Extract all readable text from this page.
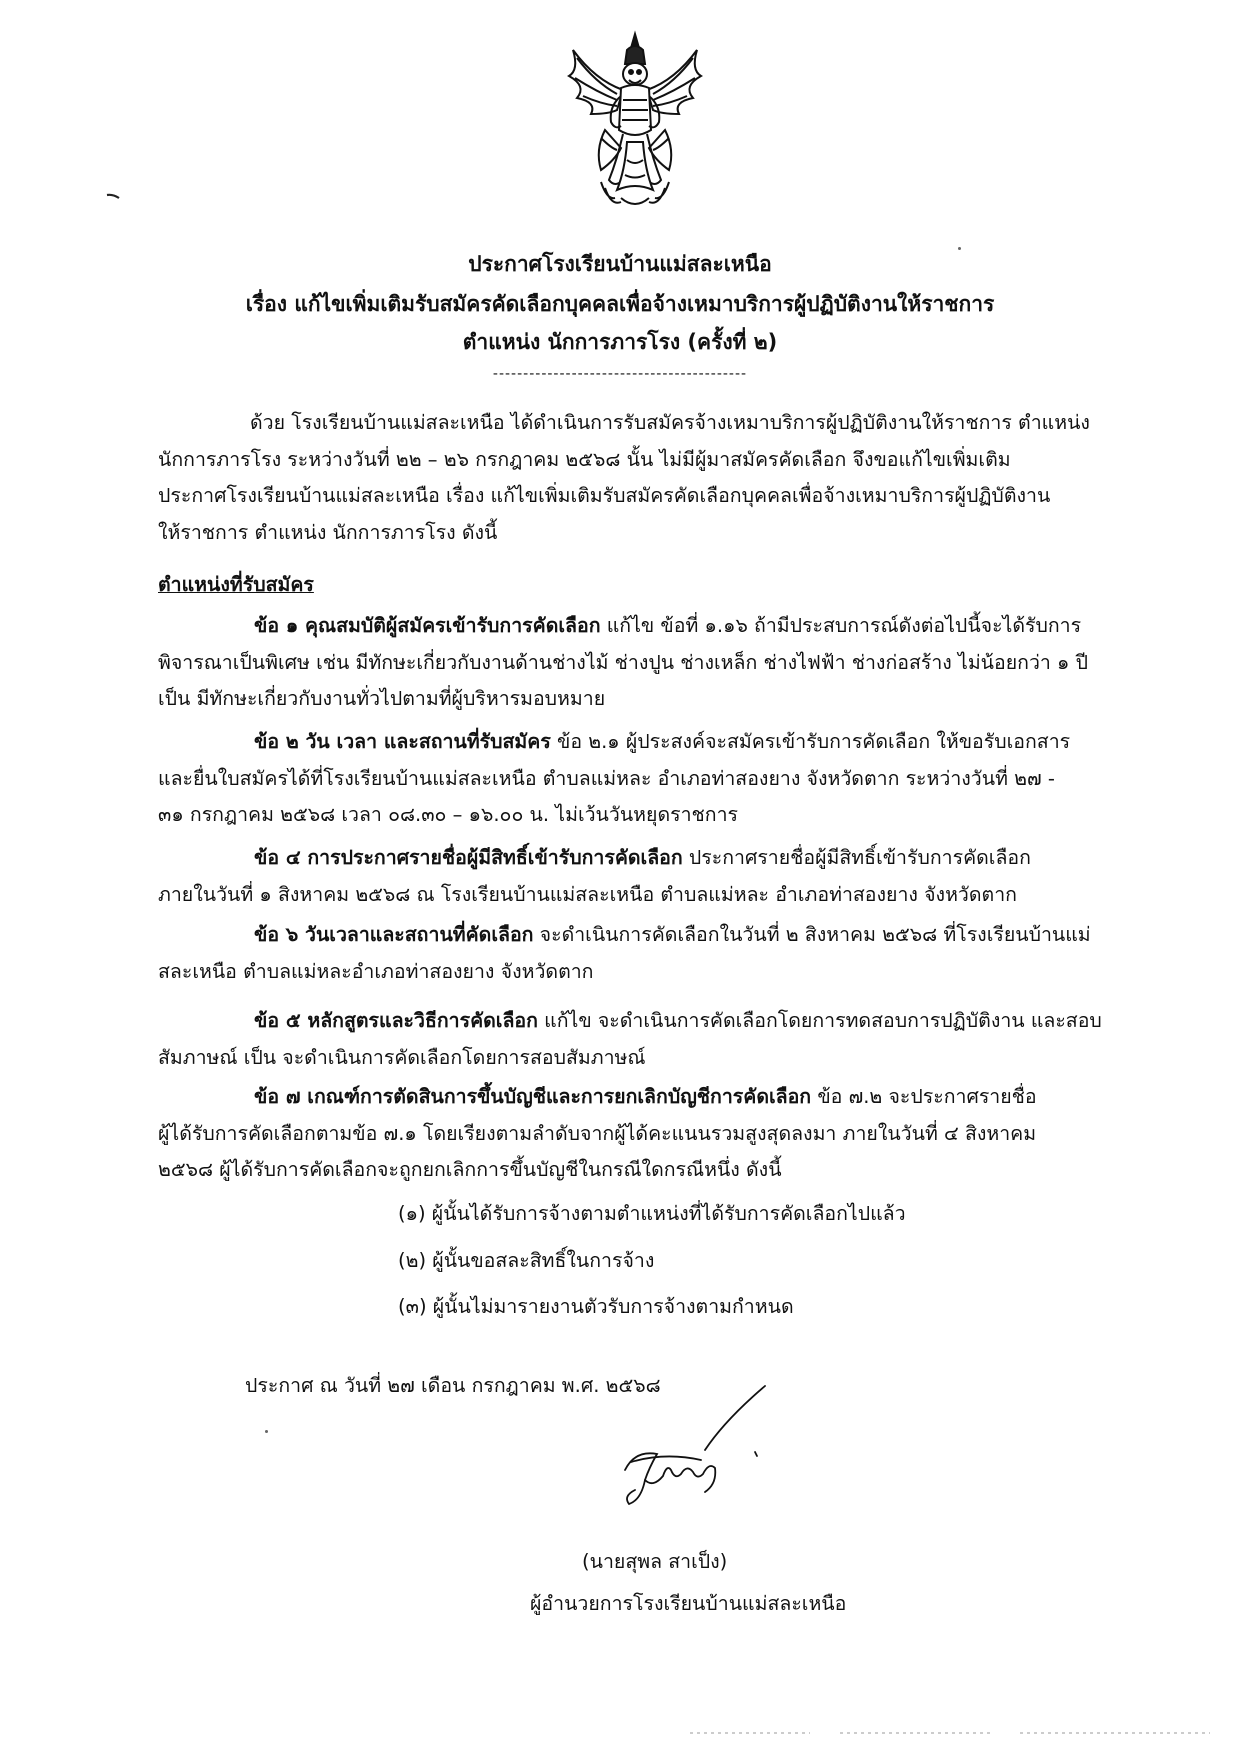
ประกาศโรงเรียนบ้านแม่สละเหนือ
เรื่อง แก้ไขเพิ่มเติมรับสมัครคัดเลือกบุคคลเพื่อจ้างเหมาบริการผู้ปฏิบัติงานให้ราชการ
ตำแหน่ง นักการภารโรง (ครั้งที่ ๒)
------------------------------------------
ด้วย โรงเรียนบ้านแม่สละเหนือ ได้ดำเนินการรับสมัครจ้างเหมาบริการผู้ปฏิบัติงานให้ราชการ ตำแหน่ง
นักการภารโรง ระหว่างวันที่ ๒๒ – ๒๖ กรกฎาคม ๒๕๖๘ นั้น ไม่มีผู้มาสมัครคัดเลือก จึงขอแก้ไขเพิ่มเติม
ประกาศโรงเรียนบ้านแม่สละเหนือ เรื่อง แก้ไขเพิ่มเติมรับสมัครคัดเลือกบุคคลเพื่อจ้างเหมาบริการผู้ปฏิบัติงาน
ให้ราชการ ตำแหน่ง นักการภารโรง ดังนี้
ตำแหน่งที่รับสมัคร
ข้อ ๑ คุณสมบัติผู้สมัครเข้ารับการคัดเลือก แก้ไข ข้อที่ ๑.๑๖ ถ้ามีประสบการณ์ดังต่อไปนี้จะได้รับการ
พิจารณาเป็นพิเศษ เช่น มีทักษะเกี่ยวกับงานด้านช่างไม้ ช่างปูน ช่างเหล็ก ช่างไฟฟ้า ช่างก่อสร้าง ไม่น้อยกว่า ๑ ปี
เป็น มีทักษะเกี่ยวกับงานทั่วไปตามที่ผู้บริหารมอบหมาย
ข้อ ๒ วัน เวลา และสถานที่รับสมัคร ข้อ ๒.๑ ผู้ประสงค์จะสมัครเข้ารับการคัดเลือก ให้ขอรับเอกสาร
และยื่นใบสมัครได้ที่โรงเรียนบ้านแม่สละเหนือ ตำบลแม่หละ อำเภอท่าสองยาง จังหวัดตาก ระหว่างวันที่ ๒๗ -
๓๑ กรกฎาคม ๒๕๖๘ เวลา ๐๘.๓๐ – ๑๖.๐๐ น. ไม่เว้นวันหยุดราชการ
ข้อ ๔ การประกาศรายชื่อผู้มีสิทธิ์เข้ารับการคัดเลือก ประกาศรายชื่อผู้มีสิทธิ์เข้ารับการคัดเลือก
ภายในวันที่ ๑ สิงหาคม ๒๕๖๘ ณ โรงเรียนบ้านแม่สละเหนือ ตำบลแม่หละ อำเภอท่าสองยาง จังหวัดตาก
ข้อ ๖ วันเวลาและสถานที่คัดเลือก จะดำเนินการคัดเลือกในวันที่ ๒ สิงหาคม ๒๕๖๘ ที่โรงเรียนบ้านแม่
สละเหนือ ตำบลแม่หละอำเภอท่าสองยาง จังหวัดตาก
ข้อ ๕ หลักสูตรและวิธีการคัดเลือก แก้ไข จะดำเนินการคัดเลือกโดยการทดสอบการปฏิบัติงาน และสอบ
สัมภาษณ์ เป็น จะดำเนินการคัดเลือกโดยการสอบสัมภาษณ์
ข้อ ๗ เกณฑ์การตัดสินการขึ้นบัญชีและการยกเลิกบัญชีการคัดเลือก ข้อ ๗.๒ จะประกาศรายชื่อ
ผู้ได้รับการคัดเลือกตามข้อ ๗.๑ โดยเรียงตามลำดับจากผู้ได้คะแนนรวมสูงสุดลงมา ภายในวันที่ ๔ สิงหาคม
๒๕๖๘ ผู้ได้รับการคัดเลือกจะถูกยกเลิกการขึ้นบัญชีในกรณีใดกรณีหนึ่ง ดังนี้
(๑) ผู้นั้นได้รับการจ้างตามตำแหน่งที่ได้รับการคัดเลือกไปแล้ว
(๒) ผู้นั้นขอสละสิทธิ์ในการจ้าง
(๓) ผู้นั้นไม่มารายงานตัวรับการจ้างตามกำหนด
ประกาศ ณ วันที่ ๒๗ เดือน กรกฎาคม พ.ศ. ๒๕๖๘
(นายสุพล สาเป็ง)
ผู้อำนวยการโรงเรียนบ้านแม่สละเหนือ
